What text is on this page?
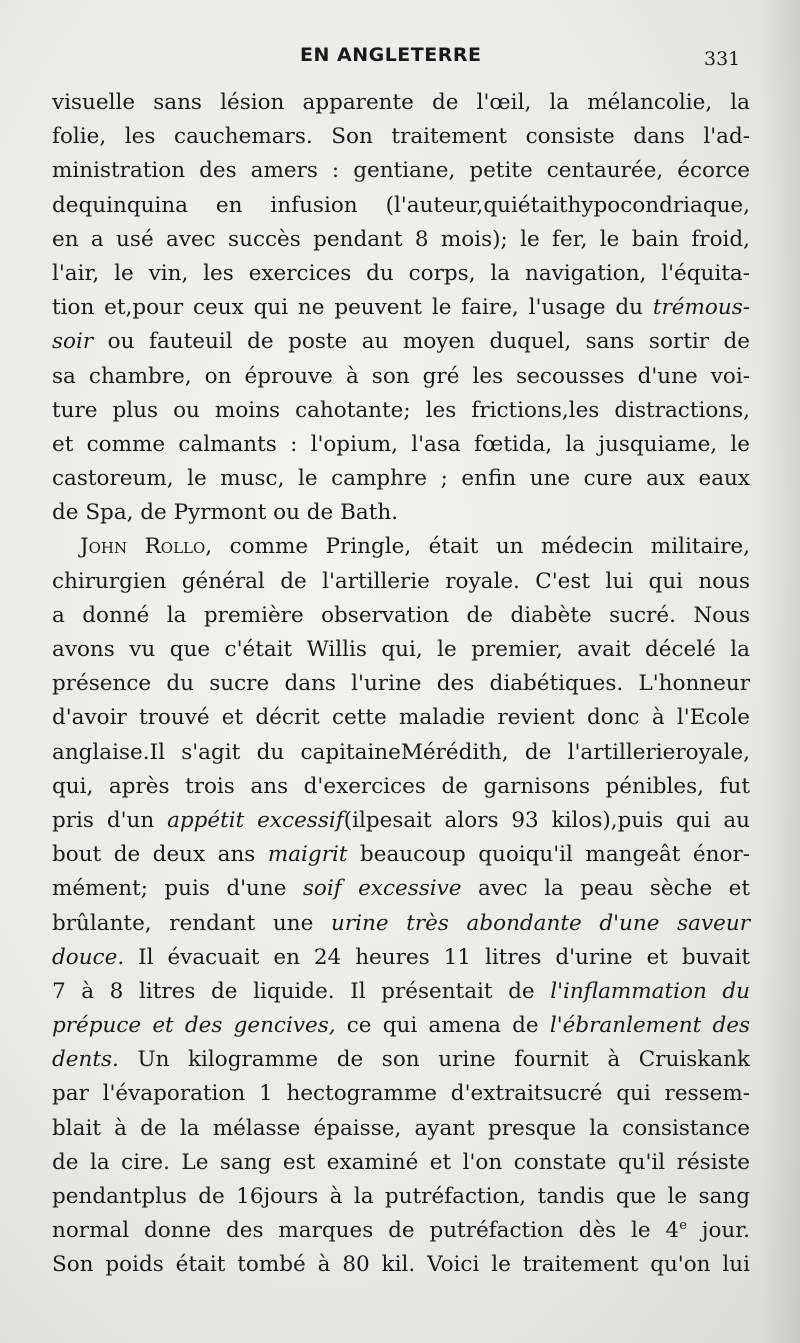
EN ANGLETERRE	331
visuelle sans lésion apparente de l'œil, la mélancolie, la
folie, les cauchemars. Son traitement consiste dans l'ad-
ministration des amers : gentiane, petite centaurée, écorce
dequinquina en infusion (l'auteur,quiétaithypocondriaque,
en a usé avec succès pendant 8 mois); le fer, le bain froid,
l'air, le vin, les exercices du corps, la navigation, l'équita-
tion et,pour ceux qui ne peuvent le faire, l'usage du trémous-
soir ou fauteuil de poste au moyen duquel, sans sortir de
sa chambre, on éprouve à son gré les secousses d'une voi-
ture plus ou moins cahotante; les frictions,les distractions,
et comme calmants : l'opium, l'asa fœtida, la jusquiame, le
castoreum, le musc, le camphre ; enfin une cure aux eaux
de Spa, de Pyrmont ou de Bath.
John Rollo, comme Pringle, était un médecin militaire,
chirurgien général de l'artillerie royale. C'est lui qui nous
a donné la première observation de diabète sucré. Nous
avons vu que c'était Willis qui, le premier, avait décelé la
présence du sucre dans l'urine des diabétiques. L'honneur
d'avoir trouvé et décrit cette maladie revient donc à l'Ecole
anglaise.Il s'agit du capitaineMérédith, de l'artillerieroyale,
qui, après trois ans d'exercices de garnisons pénibles, fut
pris d'un appétit excessif(ilpesait alors 93 kilos),puis qui au
bout de deux ans maigrit beaucoup quoiqu'il mangeât énor-
mément; puis d'une soif excessive avec la peau sèche et
brûlante, rendant une urine très abondante d'une saveur
douce. Il évacuait en 24 heures 11 litres d'urine et buvait
7 à 8 litres de liquide. Il présentait de l'inflammation du
prépuce et des gencives, ce qui amena de l'ébranlement des
dents. Un kilogramme de son urine fournit à Cruiskank
par l'évaporation 1 hectogramme d'extraitsucré qui ressem-
blait à de la mélasse épaisse, ayant presque la consistance
de la cire. Le sang est examiné et l'on constate qu'il résiste
pendantplus de 16jours à la putréfaction, tandis que le sang
normal donne des marques de putréfaction dès le 4e jour.
Son poids était tombé à 80 kil. Voici le traitement qu'on lui
